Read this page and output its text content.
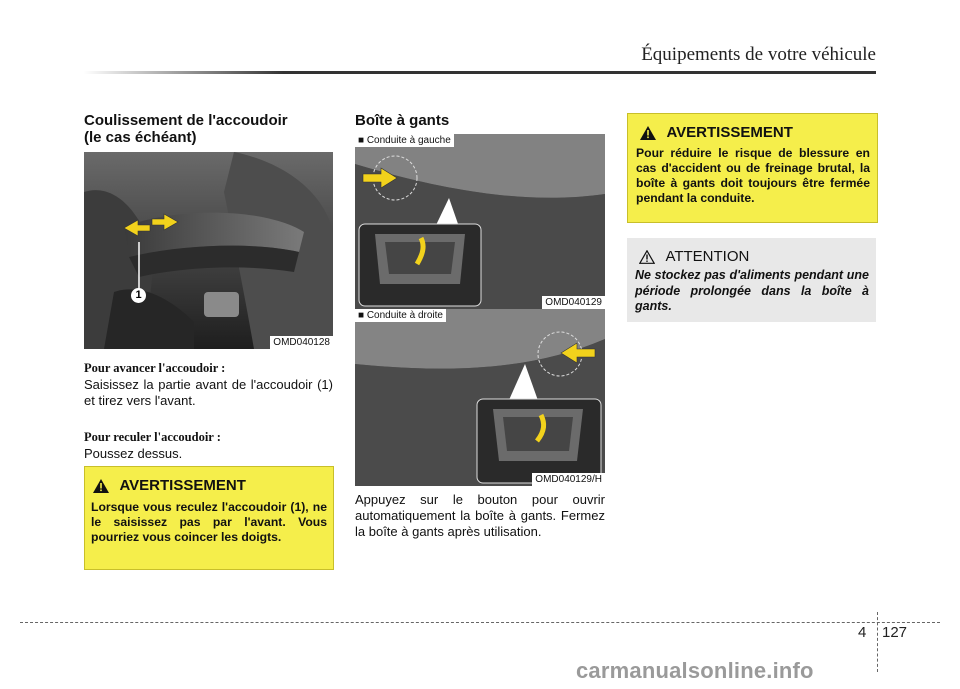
Équipements de votre véhicule
Coulissement de l'accoudoir
(le cas échéant)
1
OMD040128
Pour avancer l'accoudoir :
Saisissez la partie avant de l'accoudoir (1) et tirez vers l'avant.
Pour reculer l'accoudoir :
Poussez dessus.
AVERTISSEMENT
Lorsque vous reculez l'accoudoir (1), ne le saisissez pas par l'avant. Vous pourriez vous coincer les doigts.
Boîte à gants
■ Conduite à gauche
OMD040129
■ Conduite à droite
OMD040129/H
Appuyez sur le bouton pour ouvrir automatiquement la boîte à gants. Fermez la boîte à gants après utilisation.
AVERTISSEMENT
Pour réduire le risque de blessure en cas d'accident ou de freinage brutal, la boîte à gants doit toujours être fermée pendant la conduite.
ATTENTION
Ne stockez pas d'aliments pendant une période prolongée dans la boîte à gants.
4 127
carmanualsonline.info
